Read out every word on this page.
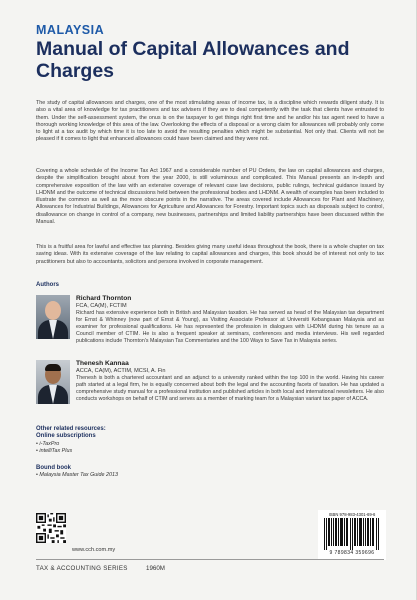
MALAYSIA
Manual of Capital Allowances and Charges

The study of capital allowances and charges, one of the most stimulating areas of income tax, is a discipline which rewards diligent study. It is also a vital area of knowledge for tax practitioners and tax advisers if they are to deal competently with the task that clients have entrusted to them. Under the self-assessment system, the onus is on the taxpayer to get things right first time and he and/or his tax agent need to have a thorough working knowledge of this area of the law. Overlooking the effects of a disposal or a wrong claim for allowances will probably only come to light at a tax audit by which time it is too late to avoid the resulting penalties which might be substantial. Not only that. Clients will not be pleased if it comes to light that enhanced allowances could have been claimed and they were not.

Covering a whole schedule of the Income Tax Act 1967 and a considerable number of PU Orders, the law on capital allowances and charges, despite the simplification brought about from the year 2000, is still voluminous and complicated. This Manual presents an in-depth and comprehensive exposition of the law with an extensive coverage of relevant case law decisions, public rulings, technical guidance issued by LHDNM and the outcome of technical discussions held between the professional bodies and LHDNM. A wealth of examples has been included to illustrate the common as well as the more obscure points in the narrative. The areas covered include Allowances for Plant and Machinery, Allowances for Industrial Buildings, Allowances for Agriculture and Allowances for Forestry. Important topics such as disposals subject to control, disallowance on change in control of a company, new businesses, partnerships and limited liability partnerships have been discussed within the Manual.

This is a fruitful area for lawful and effective tax planning. Besides giving many useful ideas throughout the book, there is a whole chapter on tax saving ideas. With its extensive coverage of the law relating to capital allowances and charges, this book should be of interest not only to tax practitioners but also to accountants, solicitors and persons involved in corporate management.

Authors
Richard Thornton
FCA, CA(M), FCTIM

Richard has extensive experience both in British and Malaysian taxation. He has served as head of the Malaysian tax department for Ernst & Whinney (now part of Ernst & Young), as Visiting Associate Professor at Universiti Kebangsaan Malaysia and as examiner for professional qualifications. He has represented the profession in dialogues with LHDNM during his tenure as a Council member of CTIM. He is also a frequent speaker at seminars, conferences and media interviews. His well regarded publications include Thornton's Malaysian Tax Commentaries and the 100 Ways to Save Tax in Malaysia series.

Thenesh Kannaa
ACCA, CA(M), ACTIM, MCSI, A. Fin

Thenesh is both a chartered accountant and an adjunct to a university ranked within the top 100 in the world. Having his career path started at a legal firm, he is equally concerned about both the legal and the accounting facets of taxation. He has updated a comprehensive study manual for a professional institution and published articles in both local and international newsletters. He also conducts workshops on behalf of CTIM and serves as a member of marking team for a Malaysian variant tax paper of ACCA.

Other related resources:
Online subscriptions
• i-TaxPro
• intelliTax Plus
Bound book
• Malaysia Master Tax Guide 2013
www.cch.com.my
ISBN 978-983-4301-69-6
9 789834 359696
TAX & ACCOUNTING SERIES	1960M
